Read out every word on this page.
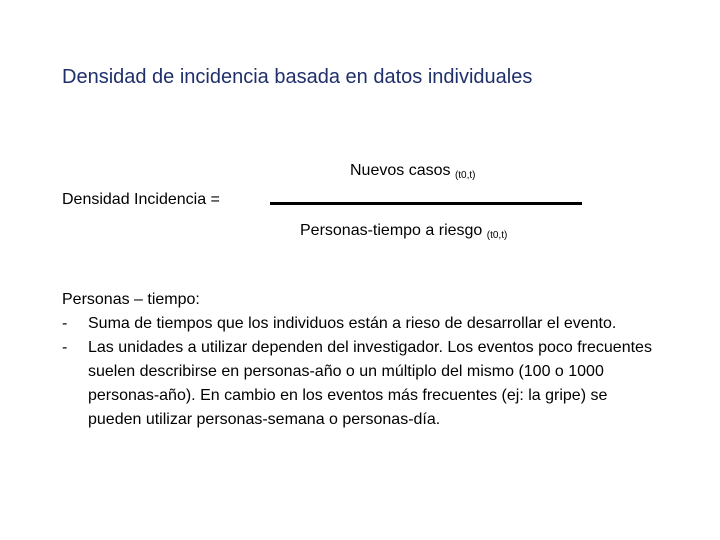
Densidad de incidencia basada en datos individuales
Nuevos casos $_{(t0,t)}$
Densidad Incidencia =
Personas-tiempo a riesgo $_{(t0,t)}$
Personas – tiempo:
-	Suma de tiempos que los individuos están a rieso de desarrollar el evento.
-	Las unidades a utilizar dependen del investigador. Los eventos poco frecuentes suelen describirse en personas-año o un múltiplo del mismo (100 o 1000 personas-año). En cambio en los eventos más frecuentes (ej: la gripe) se pueden utilizar personas-semana o personas-día.
